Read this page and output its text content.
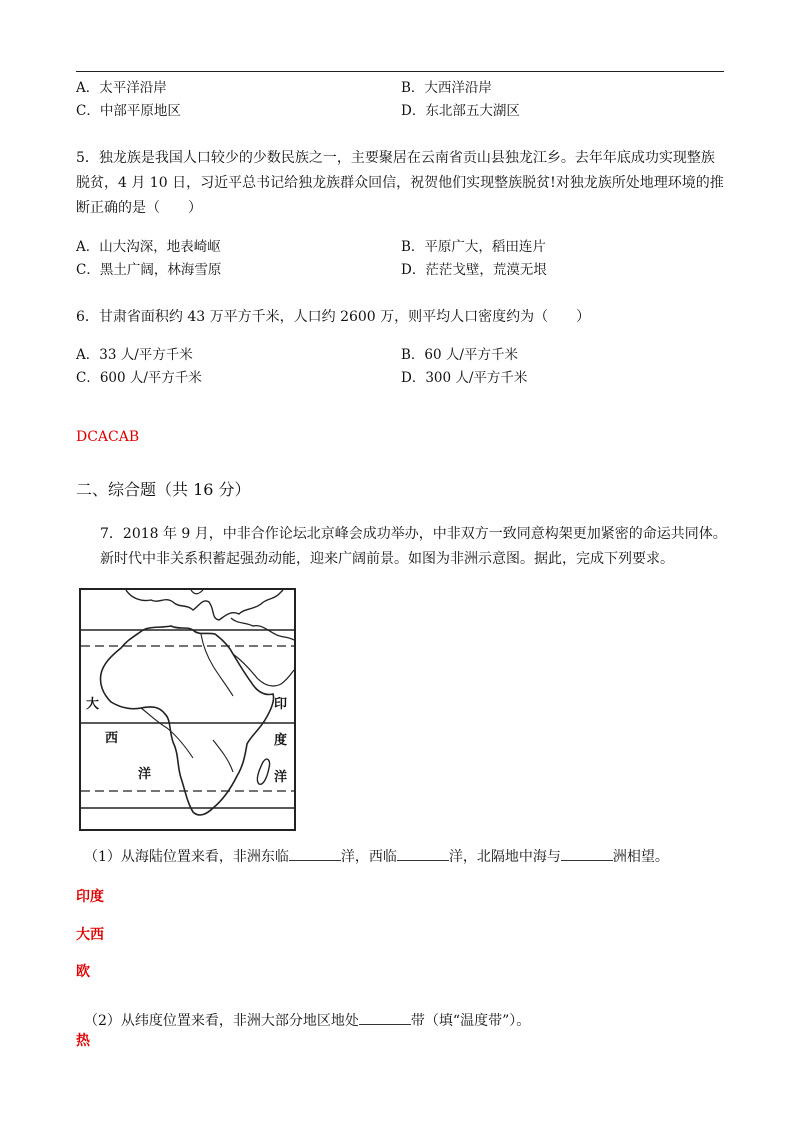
A．太平洋沿岸	B．大西洋沿岸
C．中部平原地区	D．东北部五大湖区
5．独龙族是我国人口较少的少数民族之一，主要聚居在云南省贡山县独龙江乡。去年年底成功实现整族
脱贫，4 月 10 日，习近平总书记给独龙族群众回信，祝贺他们实现整族脱贫!对独龙族所处地理环境的推
断正确的是（　　）
A．山大沟深，地表崎岖	B．平原广大，稻田连片
C．黑土广阔，林海雪原	D．茫茫戈壁，荒漠无垠
6．甘肃省面积约 43 万平方千米，人口约 2600 万，则平均人口密度约为（　　）
A．33 人/平方千米	B．60 人/平方千米
C．600 人/平方千米	D．300 人/平方千米
DCACAB
二、综合题（共 16 分）
7．2018 年 9 月，中非合作论坛北京峰会成功举办，中非双方一致同意构架更加紧密的命运共同体。
新时代中非关系积蓄起强劲动能，迎来广阔前景。如图为非洲示意图。据此，完成下列要求。
大
西
洋
印
度
洋
（1）从海陆位置来看，非洲东临	洋，西临	洋，北隔地中海与	洲相望。
印度
大西
欧
（2）从纬度位置来看，非洲大部分地区地处	带（填“温度带”）。
热
